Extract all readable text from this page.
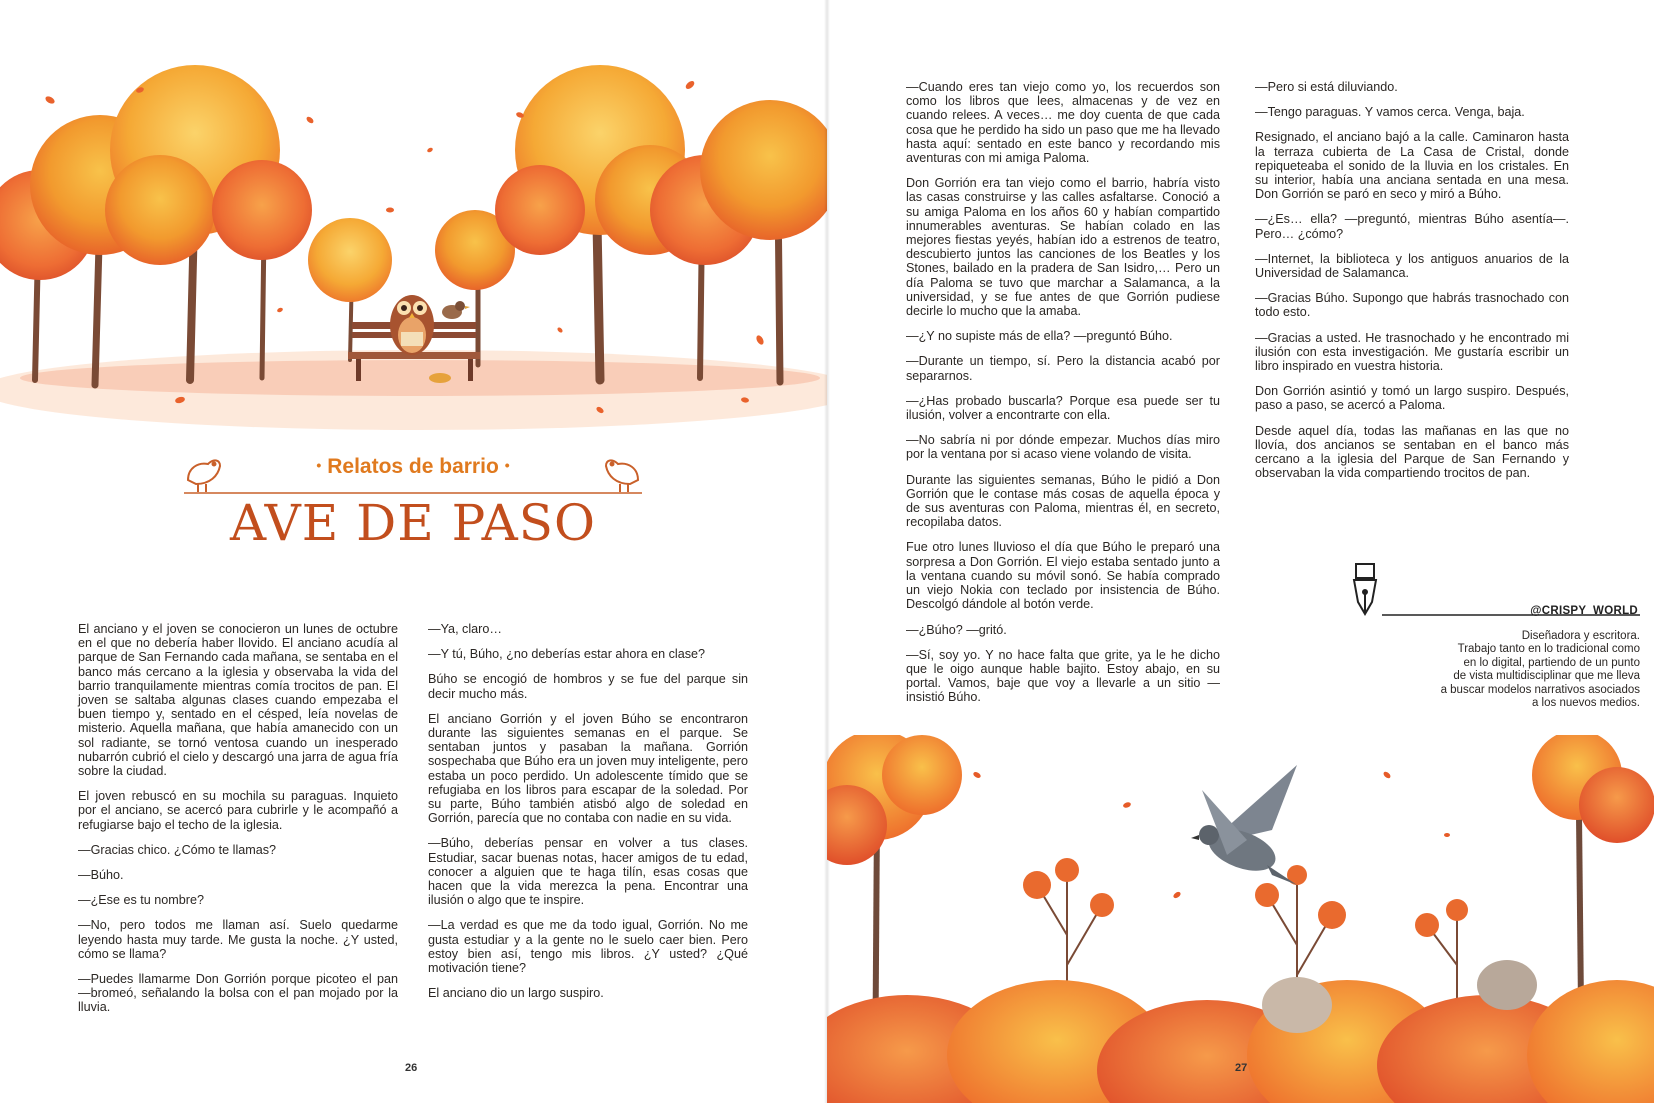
• Relatos de barrio •
AVE DE PASO

El anciano y el joven se conocieron un lunes de octubre en el que no debería haber llovido. El anciano acudía al parque de San Fernando cada mañana, se sentaba en el banco más cercano a la iglesia y observaba la vida del barrio tranquilamente mientras comía trocitos de pan. El joven se saltaba algunas clases cuando empezaba el buen tiempo y, sentado en el césped, leía novelas de misterio. Aquella mañana, que había amanecido con un sol radiante, se tornó ventosa cuando un inesperado nubarrón cubrió el cielo y descargó una jarra de agua fría sobre la ciudad.

El joven rebuscó en su mochila su paraguas. Inquieto por el anciano, se acercó para cubrirle y le acompañó a refugiarse bajo el techo de la iglesia.

—Gracias chico. ¿Cómo te llamas?

—Búho.

—¿Ese es tu nombre?

—No, pero todos me llaman así. Suelo quedarme leyendo hasta muy tarde. Me gusta la noche. ¿Y usted, cómo se llama?

—Puedes llamarme Don Gorrión porque picoteo el pan —bromeó, señalando la bolsa con el pan mojado por la lluvia.

—Ya, claro…

—Y tú, Búho, ¿no deberías estar ahora en clase?

Búho se encogió de hombros y se fue del parque sin decir mucho más.

El anciano Gorrión y el joven Búho se encontraron durante las siguientes semanas en el parque. Se sentaban juntos y pasaban la mañana. Gorrión sospechaba que Búho era un joven muy inteligente, pero estaba un poco perdido. Un adolescente tímido que se refugiaba en los libros para escapar de la soledad. Por su parte, Búho también atisbó algo de soledad en Gorrión, parecía que no contaba con nadie en su vida.

—Búho, deberías pensar en volver a tus clases. Estudiar, sacar buenas notas, hacer amigos de tu edad, conocer a alguien que te haga tilín, esas cosas que hacen que la vida merezca la pena. Encontrar una ilusión o algo que te inspire.

—La verdad es que me da todo igual, Gorrión. No me gusta estudiar y a la gente no le suelo caer bien. Pero estoy bien así, tengo mis libros. ¿Y usted? ¿Qué motivación tiene?

El anciano dio un largo suspiro.

26

—Cuando eres tan viejo como yo, los recuerdos son como los libros que lees, almacenas y de vez en cuando relees. A veces… me doy cuenta de que cada cosa que he perdido ha sido un paso que me ha llevado hasta aquí: sentado en este banco y recordando mis aventuras con mi amiga Paloma.

Don Gorrión era tan viejo como el barrio, habría visto las casas construirse y las calles asfaltarse. Conoció a su amiga Paloma en los años 60 y habían compartido innumerables aventuras. Se habían colado en las mejores fiestas yeyés, habían ido a estrenos de teatro, descubierto juntos las canciones de los Beatles y los Stones, bailado en la pradera de San Isidro,… Pero un día Paloma se tuvo que marchar a Salamanca, a la universidad, y se fue antes de que Gorrión pudiese decirle lo mucho que la amaba.

—¿Y no supiste más de ella? —preguntó Búho.

—Durante un tiempo, sí. Pero la distancia acabó por separarnos.

—¿Has probado buscarla? Porque esa puede ser tu ilusión, volver a encontrarte con ella.

—No sabría ni por dónde empezar. Muchos días miro por la ventana por si acaso viene volando de visita.

Durante las siguientes semanas, Búho le pidió a Don Gorrión que le contase más cosas de aquella época y de sus aventuras con Paloma, mientras él, en secreto, recopilaba datos.

Fue otro lunes lluvioso el día que Búho le preparó una sorpresa a Don Gorrión. El viejo estaba sentado junto a la ventana cuando su móvil sonó. Se había comprado un viejo Nokia con teclado por insistencia de Búho. Descolgó dándole al botón verde.

—¿Búho? —gritó.

—Sí, soy yo. Y no hace falta que grite, ya le he dicho que le oigo aunque hable bajito. Estoy abajo, en su portal. Vamos, baje que voy a llevarle a un sitio —insistió Búho.

—Pero si está diluviando.

—Tengo paraguas. Y vamos cerca. Venga, baja.

Resignado, el anciano bajó a la calle. Caminaron hasta la terraza cubierta de La Casa de Cristal, donde repiqueteaba el sonido de la lluvia en los cristales. En su interior, había una anciana sentada en una mesa. Don Gorrión se paró en seco y miró a Búho.

—¿Es… ella? —preguntó, mientras Búho asentía—. Pero… ¿cómo?

—Internet, la biblioteca y los antiguos anuarios de la Universidad de Salamanca.

—Gracias Búho. Supongo que habrás trasnochado con todo esto.

—Gracias a usted. He trasnochado y he encontrado mi ilusión con esta investigación. Me gustaría escribir un libro inspirado en vuestra historia.

Don Gorrión asintió y tomó un largo suspiro. Después, paso a paso, se acercó a Paloma.

Desde aquel día, todas las mañanas en las que no llovía, dos ancianos se sentaban en el banco más cercano a la iglesia del Parque de San Fernando y observaban la vida compartiendo trocitos de pan.

@CRISPY_WORLD
Diseñadora y escritora.
Trabajo tanto en lo tradicional como
en lo digital, partiendo de un punto
de vista multidisciplinar que me lleva
a buscar modelos narrativos asociados
a los nuevos medios.
27
